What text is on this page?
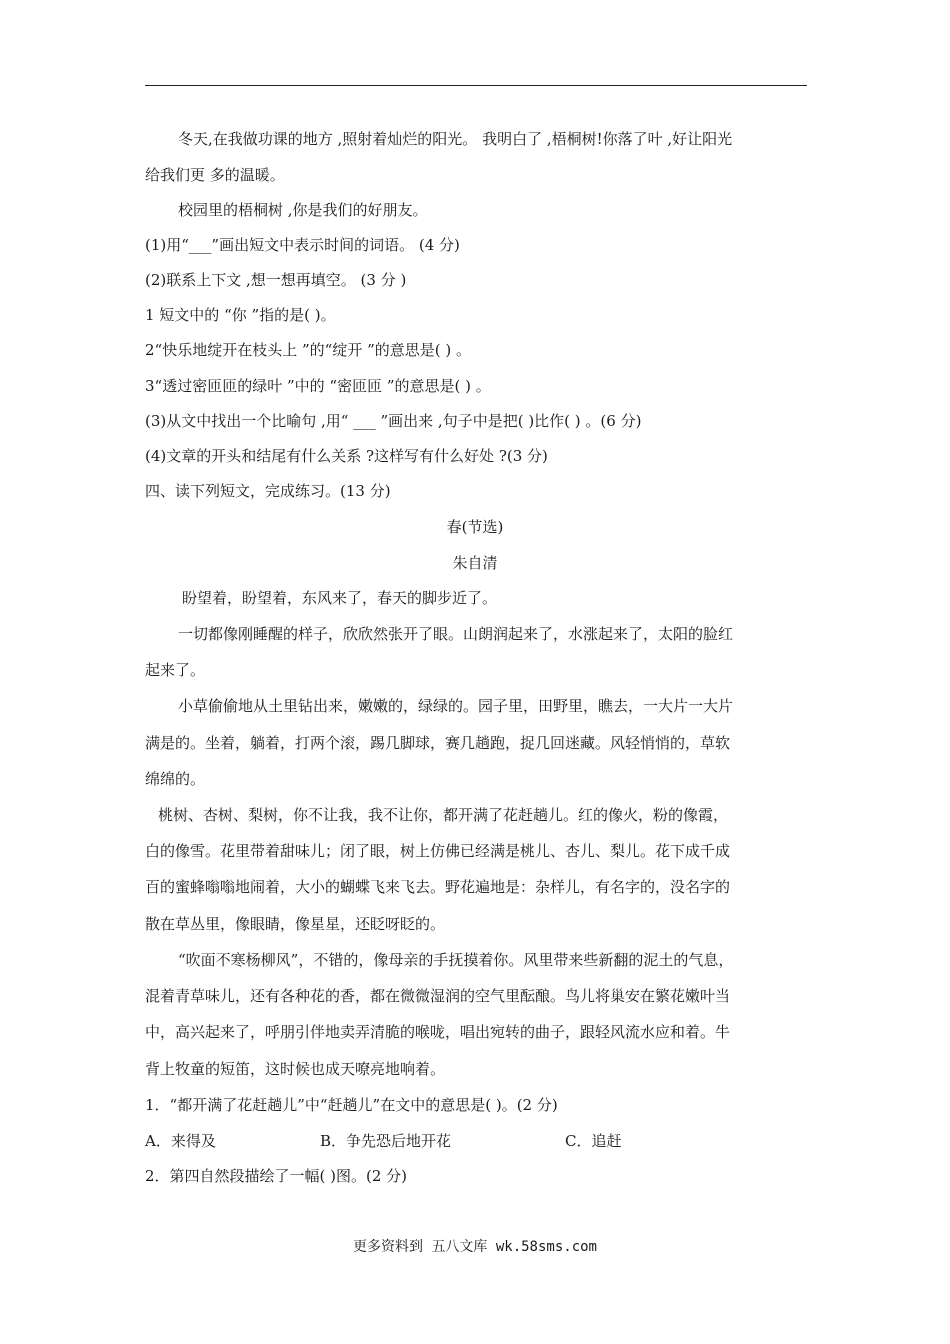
冬天,在我做功课的地方 ,照射着灿烂的阳光。 我明白了 ,梧桐树!你落了叶 ,好让阳光
给我们更 多的温暖。
校园里的梧桐树 ,你是我们的好朋友。
(1)用“___”画出短文中表示时间的词语。 (4 分)
(2)联系上下文 ,想一想再填空。 (3 分 )
1 短文中的 “你 ”指的是( )。
2“快乐地绽开在枝头上 ”的“绽开 ”的意思是( ) 。
3“透过密匝匝的绿叶 ”中的 “密匝匝 ”的意思是( ) 。
(3)从文中找出一个比喻句 ,用“ ___ ”画出来 ,句子中是把( )比作( ) 。(6 分)
(4)文章的开头和结尾有什么关系 ?这样写有什么好处 ?(3 分)
四、读下列短文，完成练习。(13 分)
春(节选)
朱自清
盼望着，盼望着，东风来了，春天的脚步近了。
一切都像刚睡醒的样子，欣欣然张开了眼。山朗润起来了，水涨起来了，太阳的脸红
起来了。
小草偷偷地从土里钻出来，嫩嫩的，绿绿的。园子里，田野里，瞧去，一大片一大片
满是的。坐着，躺着，打两个滚，踢几脚球，赛几趟跑，捉几回迷藏。风轻悄悄的，草软
绵绵的。
桃树、杏树、梨树，你不让我，我不让你，都开满了花赶趟儿。红的像火，粉的像霞，
白的像雪。花里带着甜味儿；闭了眼，树上仿佛已经满是桃儿、杏儿、梨儿。花下成千成
百的蜜蜂嗡嗡地闹着，大小的蝴蝶飞来飞去。野花遍地是：杂样儿，有名字的，没名字的
散在草丛里，像眼睛，像星星，还眨呀眨的。
“吹面不寒杨柳风”，不错的，像母亲的手抚摸着你。风里带来些新翻的泥土的气息，
混着青草味儿，还有各种花的香，都在微微湿润的空气里酝酿。鸟儿将巢安在繁花嫩叶当
中，高兴起来了，呼朋引伴地卖弄清脆的喉咙，唱出宛转的曲子，跟轻风流水应和着。牛
背上牧童的短笛，这时候也成天嘹亮地响着。
1．“都开满了花赶趟儿”中“赶趟儿”在文中的意思是( )。(2 分)
A．来得及	B．争先恐后地开花	C．追赶
2．第四自然段描绘了一幅( )图。(2 分)
更多资料到 五八文库 wk.58sms.com
